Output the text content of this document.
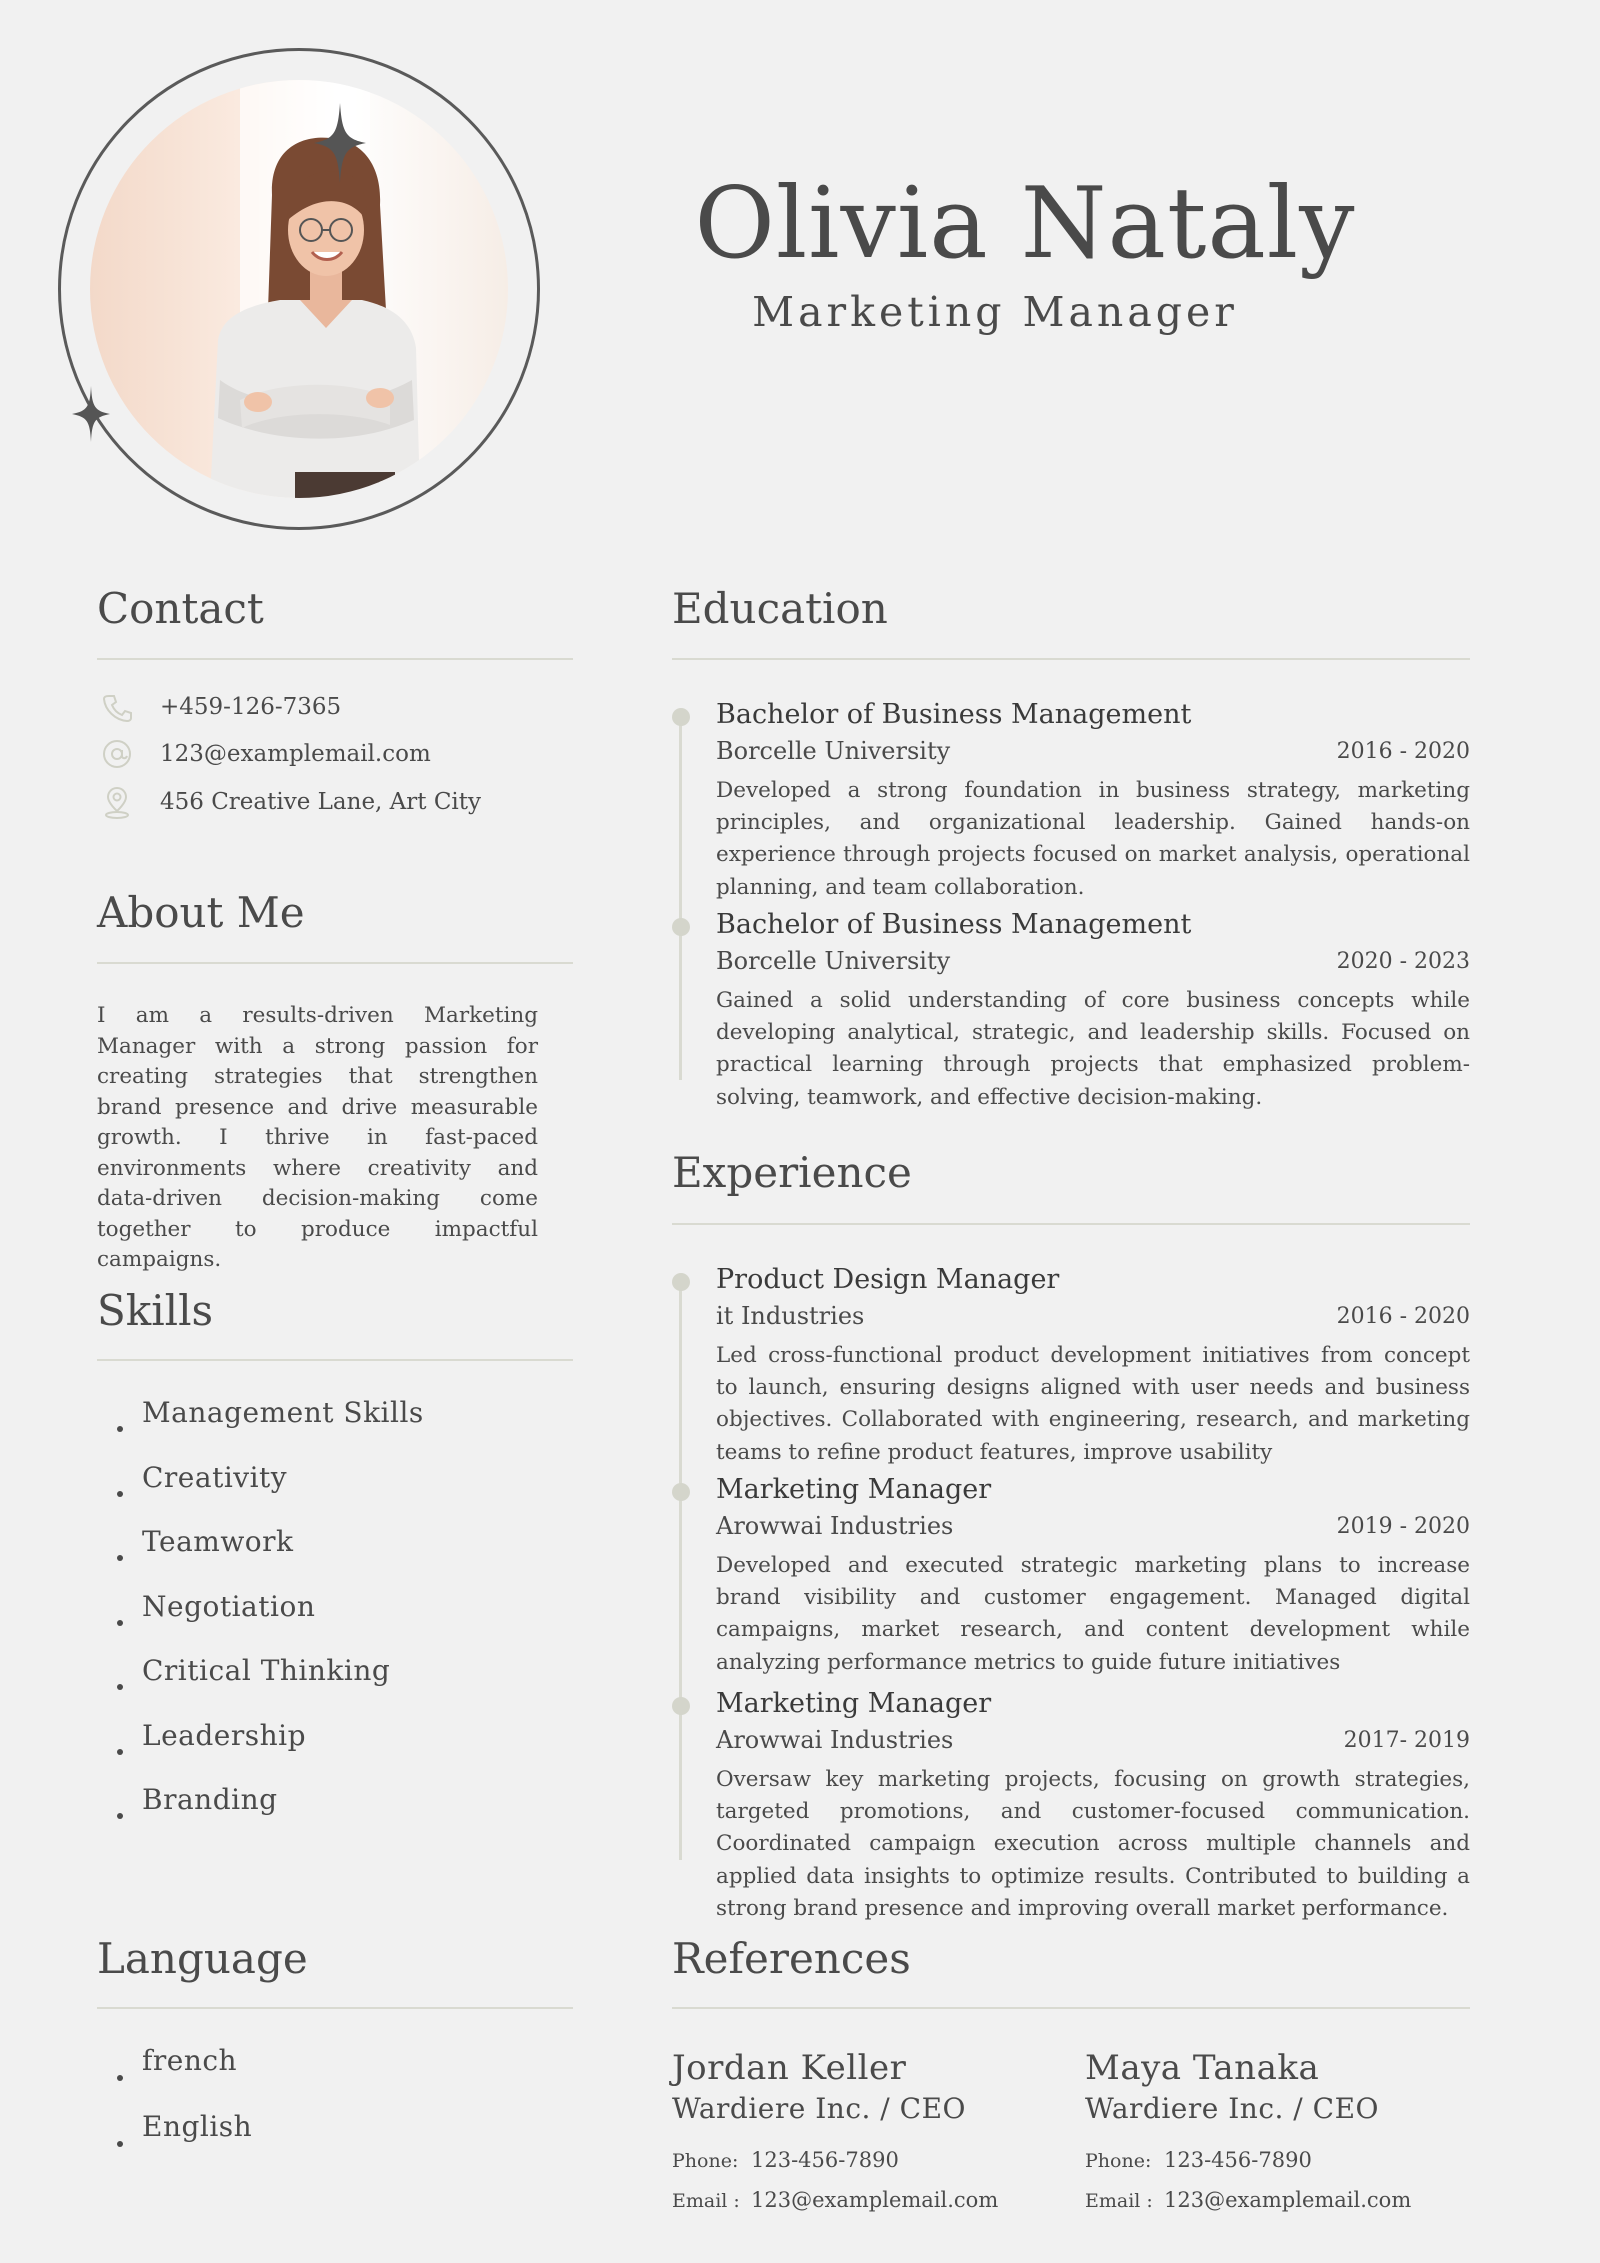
Olivia Nataly
Marketing Manager
Contact
+459-126-7365
123@examplemail.com
456 Creative Lane, Art City
About Me
I am a results-driven Marketing Manager with a strong passion for creating strategies that strengthen brand presence and drive measurable growth. I thrive in fast-paced environments where creativity and data-driven decision-making come together to produce impactful campaigns.
Skills
Management Skills
Creativity
Teamwork
Negotiation
Critical Thinking
Leadership
Branding
Language
french
English
Education
Bachelor of Business Management
Borcelle University	2016 - 2020
Developed a strong foundation in business strategy, marketing principles, and organizational leadership. Gained hands-on experience through projects focused on market analysis, operational planning, and team collaboration.
Bachelor of Business Management
Borcelle University	2020 - 2023
Gained a solid understanding of core business concepts while developing analytical, strategic, and leadership skills. Focused on practical learning through projects that emphasized problem-solving, teamwork, and effective decision-making.
Experience
Product Design Manager
it Industries	2016 - 2020
Led cross-functional product development initiatives from concept to launch, ensuring designs aligned with user needs and business objectives. Collaborated with engineering, research, and marketing teams to refine product features, improve usability
Marketing Manager
Arowwai Industries	2019 - 2020
Developed and executed strategic marketing plans to increase brand visibility and customer engagement. Managed digital campaigns, market research, and content development while analyzing performance metrics to guide future initiatives
Marketing Manager
Arowwai Industries	2017- 2019
Oversaw key marketing projects, focusing on growth strategies, targeted promotions, and customer-focused communication. Coordinated campaign execution across multiple channels and applied data insights to optimize results. Contributed to building a strong brand presence and improving overall market performance.
References
Jordan Keller
Wardiere Inc. / CEO
Phone: 123-456-7890
Email : 123@examplemail.com
Maya Tanaka
Wardiere Inc. / CEO
Phone: 123-456-7890
Email : 123@examplemail.com
